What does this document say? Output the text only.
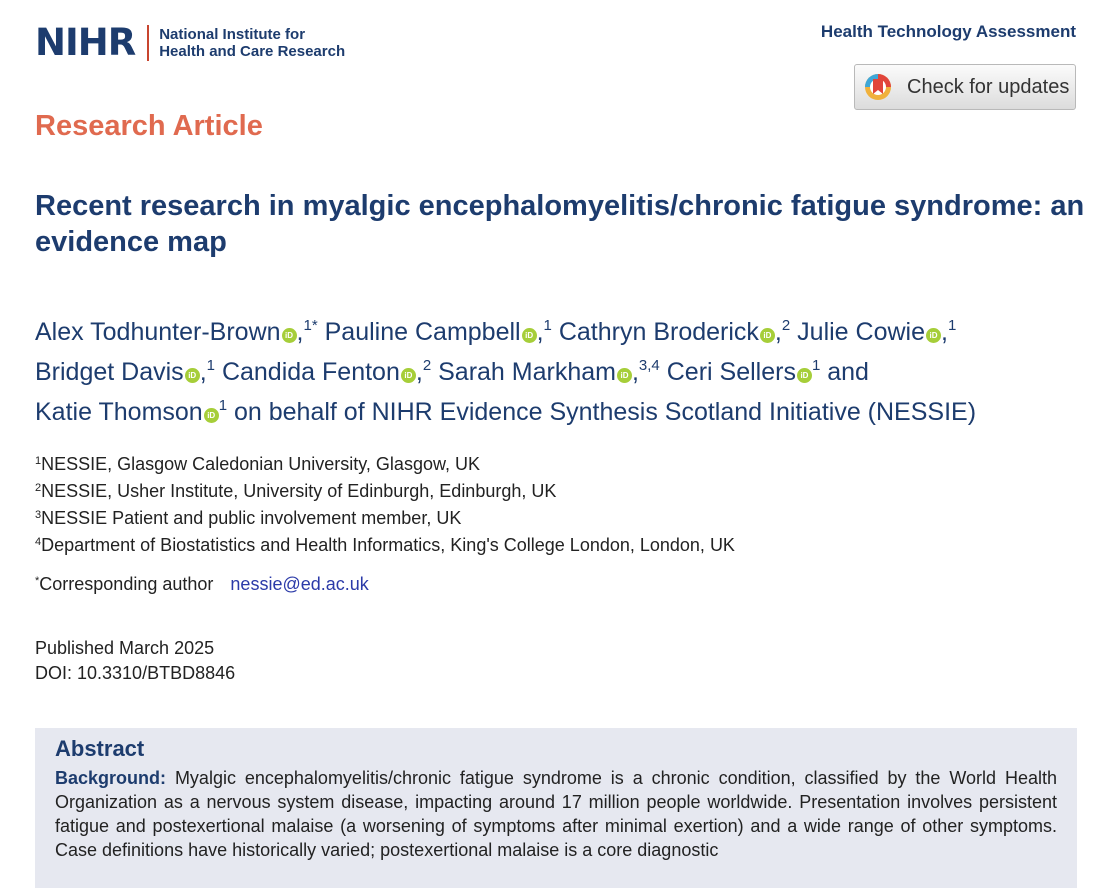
NIHR National Institute for
Health and Care Research
Health Technology Assessment
Check for updates
Research Article
Recent research in myalgic encephalomyelitis/chronic fatigue syndrome: an evidence map

Alex Todhunter-Brown iD ,$^{1*}$ Pauline Campbell iD ,$^1$ Cathryn Broderick iD ,$^2$ Julie Cowie iD ,$^1$
Bridget Davis iD ,$^1$ Candida Fenton iD ,$^2$ Sarah Markham iD ,$^{3,4}$ Ceri Sellers $iD^1$ and
Katie Thomson $iD^1$ on behalf of NIHR Evidence Synthesis Scotland Initiative (NESSIE)

$^1$NESSIE, Glasgow Caledonian University, Glasgow, UK
$^2$NESSIE, Usher Institute, University of Edinburgh, Edinburgh, UK
$^3$NESSIE Patient and public involvement member, UK
$^4$Department of Biostatistics and Health Informatics, King's College London, London, UK
*Corresponding author nessie@ed.ac.uk
Published March 2025
DOI: 10.3310/BTBD8846
Abstract

Background: Myalgic encephalomyelitis/chronic fatigue syndrome is a chronic condition, classified by the World Health Organization as a nervous system disease, impacting around 17 million people worldwide. Presentation involves persistent fatigue and postexertional malaise (a worsening of symptoms after minimal exertion) and a wide range of other symptoms. Case definitions have historically varied; postexertional malaise is a core diagnostic
